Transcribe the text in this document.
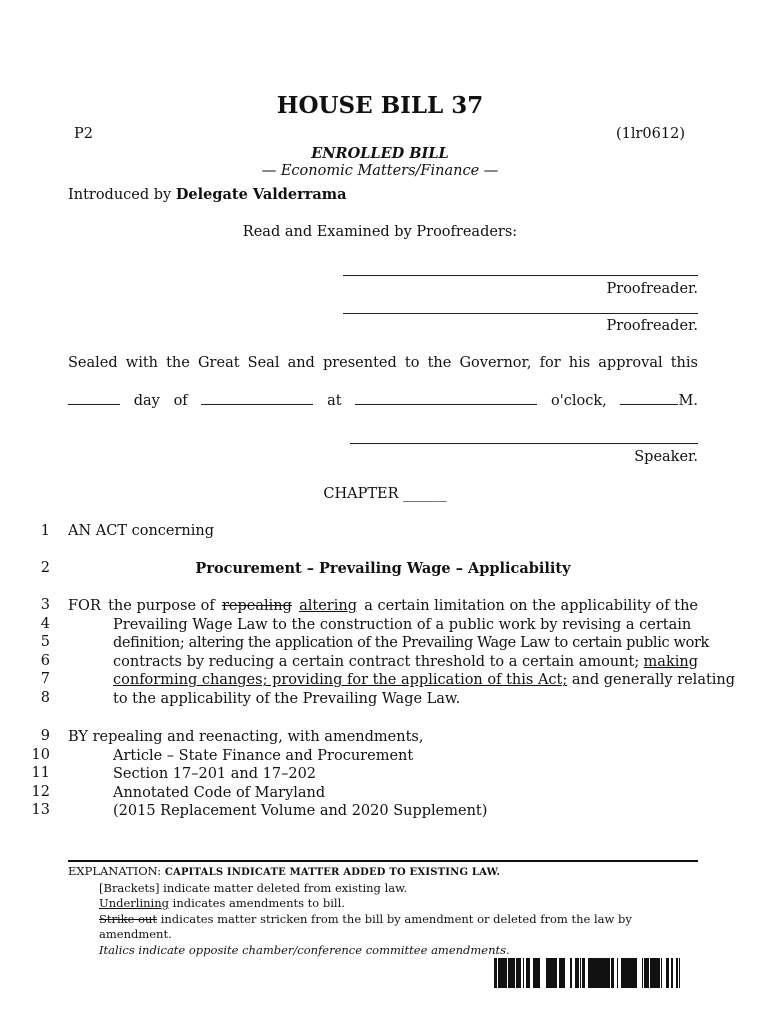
HOUSE BILL 37
P2	(1lr0612)
ENROLLED BILL
— Economic Matters/Finance —
Introduced by Delegate Valderrama
Read and Examined by Proofreaders:
Proofreader.
Proofreader.
Sealed with the Great Seal and presented to the Governor, for his approval this
day of	at	o'clock,	M.
Speaker.
CHAPTER ______
1
2
3
4
5
6
7
8
9
10
11
12
13
AN ACT concerning
Procurement – Prevailing Wage – Applicability
FOR the purpose of repealing altering a certain limitation on the applicability of the
Prevailing Wage Law to the construction of a public work by revising a certain
definition; altering the application of the Prevailing Wage Law to certain public work
contracts by reducing a certain contract threshold to a certain amount; making
conforming changes; providing for the application of this Act; and generally relating
to the applicability of the Prevailing Wage Law.
BY repealing and reenacting, with amendments,
Article – State Finance and Procurement
Section 17–201 and 17–202
Annotated Code of Maryland
(2015 Replacement Volume and 2020 Supplement)
EXPLANATION: CAPITALS INDICATE MATTER ADDED TO EXISTING LAW.
[Brackets] indicate matter deleted from existing law.
Underlining indicates amendments to bill.
Strike out indicates matter stricken from the bill by amendment or deleted from the law by
amendment.
Italics indicate opposite chamber/conference committee amendments.
